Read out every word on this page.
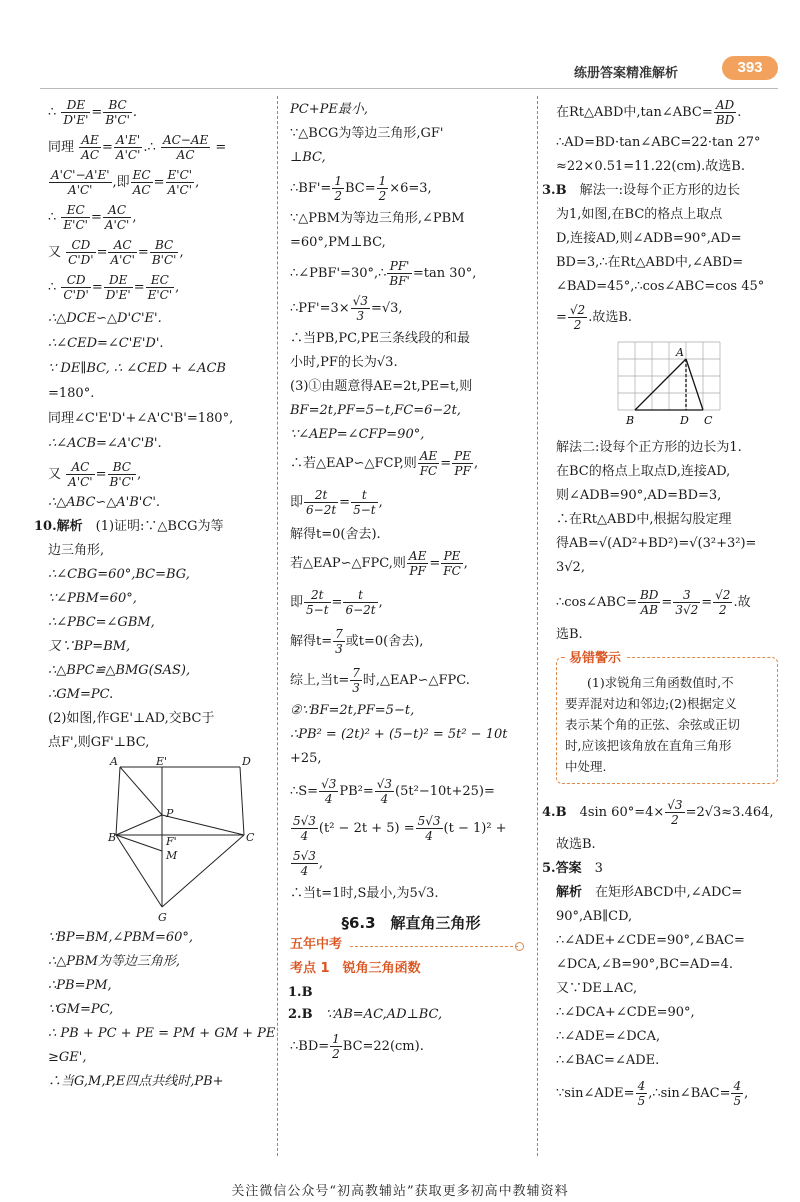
练册答案精准解析	393

∴ $\frac{DE}{D'E'} = \frac{BC}{B'C'}$ .

同理 $\frac{AE}{AC} = \frac{A'E'}{A'C'}$ .∴ $\frac{AC-AE}{AC}$ =

$\frac{A'C'-A'E'}{A'C'}$ ,即 $\frac{EC}{AC} = \frac{E'C'}{A'C'}$ ,

∴ $\frac{EC}{E'C'} = \frac{AC}{A'C'}$ ,

又 $\frac{CD}{C'D'} = \frac{AC}{A'C'} = \frac{BC}{B'C'}$ ,

∴ $\frac{CD}{C'D'} = \frac{DE}{D'E'} = \frac{EC}{E'C'}$ ,

∴△DCE∽△D'C'E'.

∴∠CED=∠C'E'D'.

∵ DE∥BC, ∴ ∠CED + ∠ACB

=180°.

同理∠C'E'D'+∠A'C'B'=180°,

∴∠ACB=∠A'C'B'.

又 $\frac{AC}{A'C'} = \frac{BC}{B'C'}$ ,

∴△ABC∽△A'B'C'.

10.解析　 (1)证明:∵△BCG为等

边三角形,

∴∠CBG=60°,BC=BG,

∵∠PBM=60°,

∴∠PBC=∠GBM,

又∵BP=BM,

∴△BPC≌△BMG(SAS),

∴GM=PC.

(2)如图,作GE'⊥AD,交BC于

点F',则GF'⊥BC,

A	E'	D
P
B	F'	C
M
G

∵BP=BM,∠PBM=60°,

∴△PBM为等边三角形,

∴PB=PM,

∵GM=PC,

∴ PB + PC + PE = PM + GM + PE

≥GE',

∴当G,M,P,E四点共线时,PB+

PC+PE最小,

∵△BCG为等边三角形,GF'

⊥BC,

∴BF'= $\frac{1}{2} BC= \frac{1}{2} \times 6=3$,

∵△PBM为等边三角形,∠PBM

=60°,PM⊥BC,

∴∠PBF'=30°,∴ $\frac{PF'}{BF'} =\tan$ 30°,

∴PF'=3× $\frac{√3}{3} =√3$,

∴当PB,PC,PE三条线段的和最

小时,PF的长为√3.

(3)①由题意得AE=2t,PE=t,则

BF=2t,PF=5−t,FC=6−2t,

∵∠AEP=∠CFP=90°,

∴若△EAP∽△FCP,则 $\frac{AE}{FC} = \frac{PE}{PF}$ ,

即 $\frac{2t}{6-2t} = \frac{t}{5-t}$ ,

解得t=0(舍去).

若△EAP∽△FPC,则 $\frac{AE}{PF} = \frac{PE}{FC}$ ,

即 $\frac{2t}{5-t} = \frac{t}{6-2t}$ ,

解得$t= \frac{7}{3}$ 或t=0(舍去),

综上,当$t= \frac{7}{3}$ 时,△EAP∽△FPC.

②∵BF=2t,PF=5−t,

∴PB² = (2t)² + (5−t)² = 5t² − 10t

+25,

∴S= $\frac{√3}{4} PB^2= \frac{√3}{4} (5t^2-10t+25)=$

$\frac{5√3}{4} (t^2 - 2t + 5) = \frac{5√3}{4} (t - 1)^2$ +

$\frac{5√3}{4}$ ,

∴当t=1时,S最小,为5√3.

§6.3　解直角三角形

五年中考

考点 1　锐角三角函数

1.B

2.B　 ∵AB=AC,AD⊥BC,

∴BD= $\frac{1}{2} BC=22(cm)$.

在Rt△ABD中,tan∠ABC= $\frac{AD}{BD}$ .

∴AD=BD·tan∠ABC=22·tan 27°

≈22×0.51=11.22(cm).故选B.

3.B　 解法一:设每个正方形的边长

为1,如图,在BC的格点上取点

D,连接AD,则∠ADB=90°,AD=

BD=3,∴在Rt△ABD中,∠ABD=

∠BAD=45°,∴cos∠ABC=cos 45°

= $\frac{√2}{2}$ .故选B.

A
B	D C

解法二:设每个正方形的边长为1.

在BC的格点上取点D,连接AD,

则∠ADB=90°,AD=BD=3,

∴在Rt△ABD中,根据勾股定理

得AB=√(AD²+BD²)=√(3²+3²)=

3√2,

∴cos∠ABC= $\frac{BD}{AB} = \frac{3}{3√2} = \frac{√2}{2}$ .故

选B.

易错警示

(1)求锐角三角函数值时,不

要弄混对边和邻边;(2)根据定义

表示某个角的正弦、余弦或正切

时,应该把该角放在直角三角形

中处理.

4.B　 4sin $60^\circ=4\times \frac{√3}{2} =2√3\approx 3.464$,

故选B.

5.答案　 3

解析　 在矩形ABCD中,∠ADC=

90°,AB∥CD,

∴∠ADE+∠CDE=90°,∠BAC=

∠DCA,∠B=90°,BC=AD=4.

又∵DE⊥AC,

∴∠DCA+∠CDE=90°,

∴∠ADE=∠DCA,

∴∠BAC=∠ADE.

∵sin∠ADE= $\frac{4}{5}$ ,∴sin∠BAC= $\frac{4}{5}$ ,

关注微信公众号“初高教辅站”获取更多初高中教辅资料
